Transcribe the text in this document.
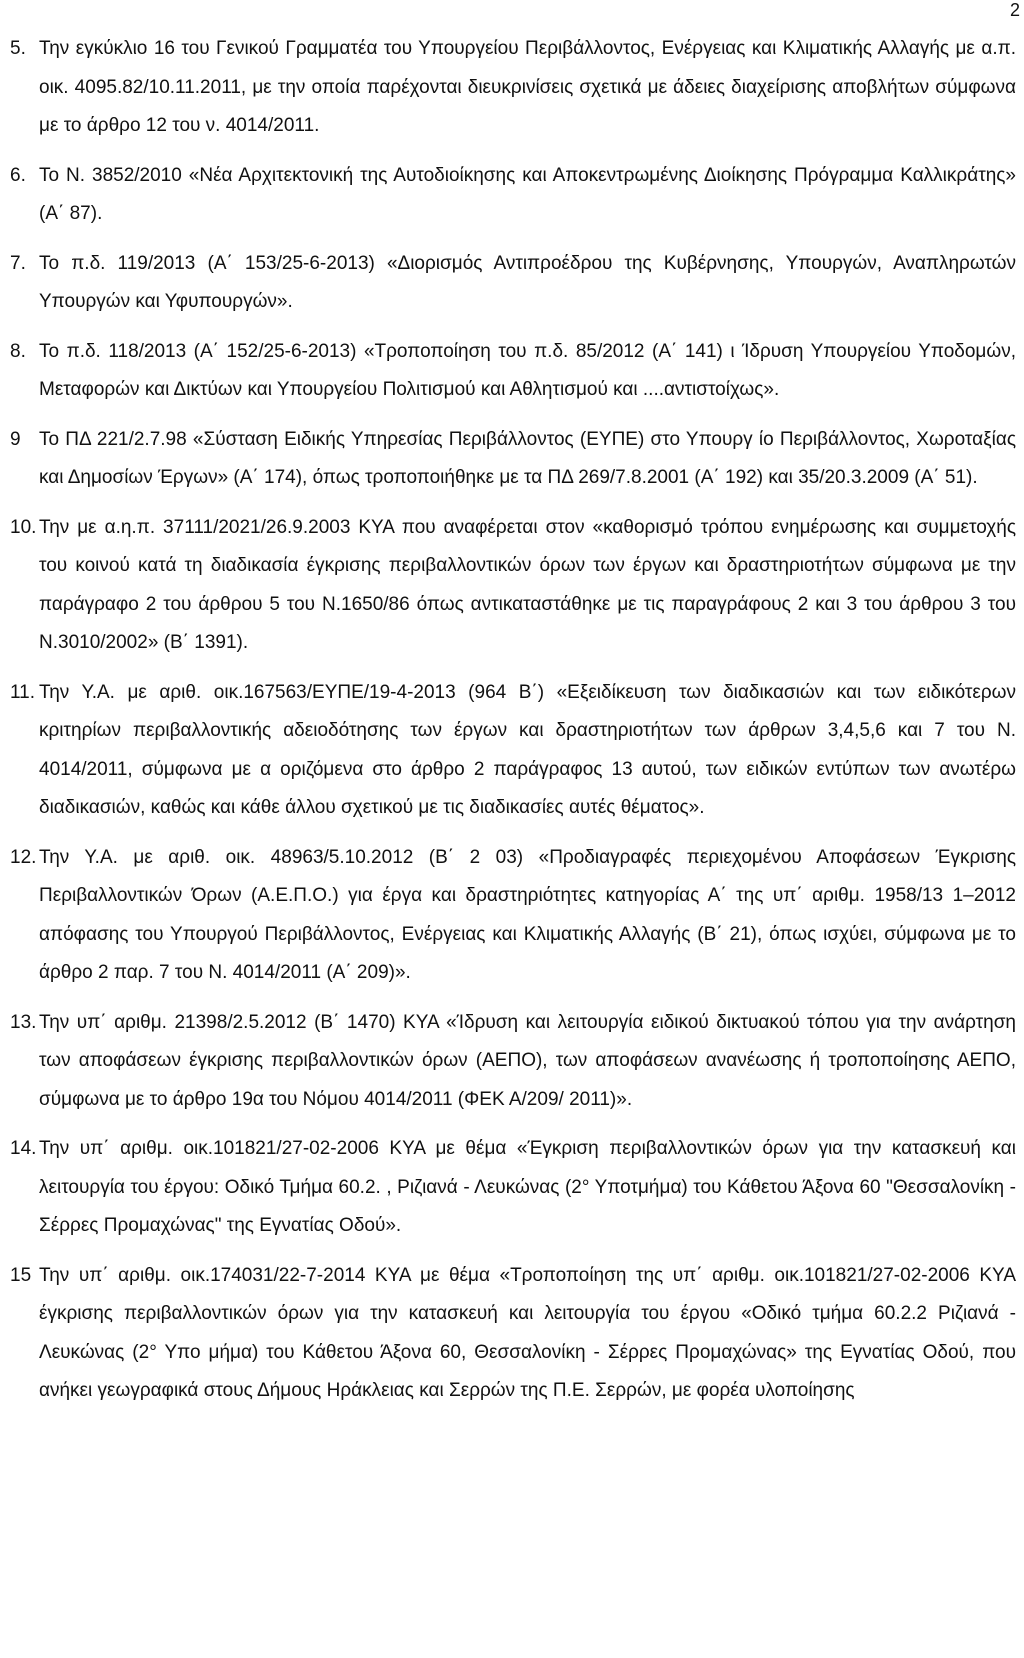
2
5. Την εγκύκλιο 16 του Γενικού Γραμματέα του Υπουργείου Περιβάλλοντος, Ενέργειας και Κλιματικής Αλλαγής με α.π. οικ. 4095.82/10.11.2011, με την οποία παρέχονται διευκρινίσεις σχετικά με άδειες διαχείρισης αποβλήτων σύμφωνα με το άρθρο 12 του ν. 4014/2011.
6. Το Ν. 3852/2010 «Νέα Αρχιτεκτονική της Αυτοδιοίκησης και Αποκεντρωμένης Διοίκησης Πρόγραμμα Καλλικράτης» (Α΄ 87).
7. Το π.δ. 119/2013 (Α΄ 153/25-6-2013) «Διορισμός Αντιπροέδρου της Κυβέρνησης, Υπουργών, Αναπληρωτών Υπουργών και Υφυπουργών».
8. Το π.δ. 118/2013 (Α΄ 152/25-6-2013) «Τροποποίηση του π.δ. 85/2012 (Α΄ 141) ι Ίδρυση Υπουργείου Υποδομών, Μεταφορών και Δικτύων και Υπουργείου Πολιτισμού και Αθλητισμού και ....αντιστοίχως».
9 Το ΠΔ 221/2.7.98 «Σύσταση Ειδικής Υπηρεσίας Περιβάλλοντος (ΕΥΠΕ) στο Υπουργ ίο Περιβάλλοντος, Χωροταξίας και Δημοσίων Έργων» (Α΄ 174), όπως τροποποιήθηκε με τα ΠΔ 269/7.8.2001 (Α΄ 192) και 35/20.3.2009 (Α΄ 51).
10. Την με α.η.π. 37111/2021/26.9.2003 ΚΥΑ που αναφέρεται στον «καθορισμό τρόπου ενημέρωσης και συμμετοχής του κοινού κατά τη διαδικασία έγκρισης περιβαλλοντικών όρων των έργων και δραστηριοτήτων σύμφωνα με την παράγραφο 2 του άρθρου 5 του Ν.1650/86 όπως αντικαταστάθηκε με τις παραγράφους 2 και 3 του άρθρου 3 του Ν.3010/2002» (Β΄ 1391).
11. Την Υ.Α. με αριθ. οικ.167563/ΕΥΠΕ/19-4-2013 (964 Β΄) «Εξειδίκευση των διαδικασιών και των ειδικότερων κριτηρίων περιβαλλοντικής αδειοδότησης των έργων και δραστηριοτήτων των άρθρων 3,4,5,6 και 7 του Ν. 4014/2011, σύμφωνα με α οριζόμενα στο άρθρο 2 παράγραφος 13 αυτού, των ειδικών εντύπων των ανωτέρω διαδικασιών, καθώς και κάθε άλλου σχετικού με τις διαδικασίες αυτές θέματος».
12. Την Υ.Α. με αριθ. οικ. 48963/5.10.2012 (Β΄ 2 03) «Προδιαγραφές περιεχομένου Αποφάσεων Έγκρισης Περιβαλλοντικών Όρων (Α.Ε.Π.Ο.) για έργα και δραστηριότητες κατηγορίας Α΄ της υπ΄ αριθμ. 1958/13 1–2012 απόφασης του Υπουργού Περιβάλλοντος, Ενέργειας και Κλιματικής Αλλαγής (Β΄ 21), όπως ισχύει, σύμφωνα με το άρθρο 2 παρ. 7 του Ν. 4014/2011 (Α΄ 209)».
13. Την υπ΄ αριθμ. 21398/2.5.2012 (Β΄ 1470) ΚΥΑ «Ίδρυση και λειτουργία ειδικού δικτυακού τόπου για την ανάρτηση των αποφάσεων έγκρισης περιβαλλοντικών όρων (ΑΕΠΟ), των αποφάσεων ανανέωσης ή τροποποίησης ΑΕΠΟ, σύμφωνα με το άρθρο 19α του Νόμου 4014/2011 (ΦΕΚ Α/209/ 2011)».
14. Την υπ΄ αριθμ. οικ.101821/27-02-2006 ΚΥΑ με θέμα «Έγκριση περιβαλλοντικών όρων για την κατασκευή και λειτουργία του έργου: Οδικό Τμήμα 60.2. , Ριζιανά - Λευκώνας (2° Υποτμήμα) του Κάθετου Άξονα 60 "Θεσσαλονίκη - Σέρρες Προμαχώνας" της Εγνατίας Οδού».
15 Την υπ΄ αριθμ. οικ.174031/22-7-2014 ΚΥΑ με θέμα «Τροποποίηση της υπ΄ αριθμ. οικ.101821/27-02-2006 ΚΥΑ έγκρισης περιβαλλοντικών όρων για την κατασκευή και λειτουργία του έργου «Οδικό τμήμα 60.2.2 Ριζιανά - Λευκώνας (2° Υπο μήμα) του Κάθετου Άξονα 60, Θεσσαλονίκη - Σέρρες Προμαχώνας» της Εγνατίας Οδού, που ανήκει γεωγραφικά στους Δήμους Ηράκλειας και Σερρών της Π.Ε. Σερρών, με φορέα υλοποίησης
